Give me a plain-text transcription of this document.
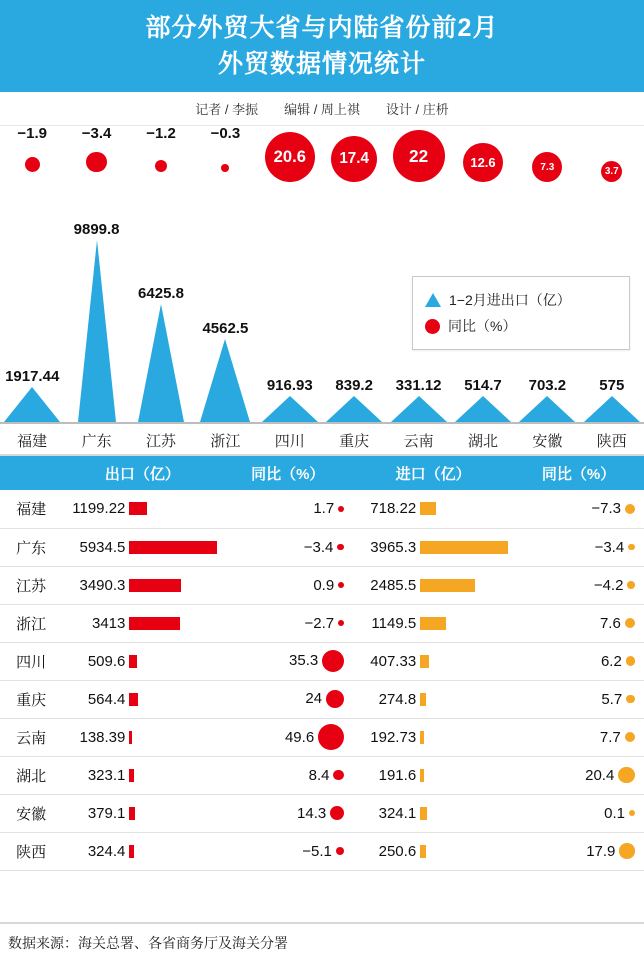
部分外贸大省与内陆省份前2月
外贸数据情况统计
记者 / 李振 编辑 / 周上祺 设计 / 庄枡
−1.9	−3.4	−1.2	−0.3
20.6	17.4	22	12.6	7.3	3.7
1917.44
9899.8
6425.8
4562.5
916.93	839.2	331.12	514.7	703.2	575
福建	广东	江苏	浙江	四川	重庆	云南	湖北	安徽	陕西
1−2月进出口（亿）
同比（%）
	出口（亿）	同比（%）	进口（亿）	同比（%）
福建	1199.22	1.7	718.22	−7.3

广东	5934.5	−3.4	3965.3	−3.4

江苏	3490.3	0.9	2485.5	−4.2

浙江	3413	−2.7	1149.5	7.6

四川	509.6	35.3	407.33	6.2

重庆	564.4	24	274.8	5.7

云南	138.39	49.6	192.73	7.7

湖北	323.1	8.4	191.6	20.4

安徽	379.1	14.3	324.1	0.1

陕西	324.4	−5.1	250.6	17.9
数据来源：海关总署、各省商务厅及海关分署
